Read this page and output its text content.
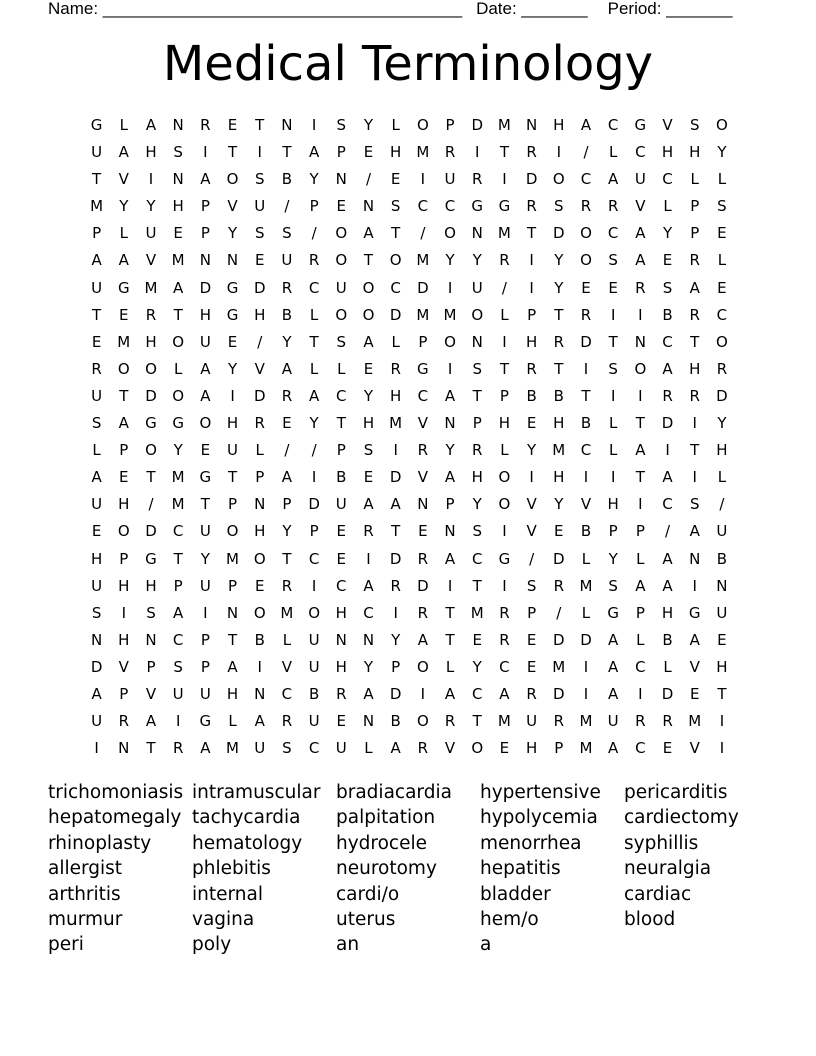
Name: ______________________________________ Date: _______ Period: _______
Medical Terminology
G	L	A	N	R	E	T	N	I	S	Y	L	O	P	D M	N	H	A	C	G	V	S	O
U	A	H	S	I	T	I	T	A	P	E	H	M	R	I	T	R	I	/	L	C	H	H	Y
T	V	I	N	A	O	S	B	Y	N	/	E	I	U	R	I	D	O	C	A	U	C	L	L
M	Y	Y	H	P	V	U	/	P	E	N	S	C	C	G	G	R	S	R	R	V	L	P	S
P	L	U	E	P	Y	S	S	/	O	A	T	/	O	N	M	T	D	O	C	A	Y	P	E
A	A	V	M	N	N	E	U	R	O	T	O M	Y	Y	R	I	Y	O	S	A	E	R	L
U	G M	A	D	G	D	R	C	U	O	C	D	I	U	/	I	Y	E	E	R	S	A	E
T	E	R	T	H	G	H	B	L	O	O	D M M O	L	P	T	R	I	I	B	R	C
E	M	H	O	U	E	/	Y	T	S	A	L	P	O	N	I	H	R	D	T	N	C	T	O
R	O	O	L	A	Y	V	A	L	L	E	R	G	I	S	T	R	T	I	S	O	A	H	R
U	T	D	O	A	I	D	R	A	C	Y	H	C	A	T	P	B	B	T	I	I	R	R	D
S	A	G	G	O	H	R	E	Y	T	H	M	V	N	P	H	E	H	B	L	T	D	I	Y
L	P	O	Y	E	U	L	/	/	P	S	I	R	Y	R	L	Y	M	C	L	A	I	T	H
A	E	T	M G	T	P	A	I	B	E	D	V	A	H	O	I	H	I	I	T	A	I	L
U	H	/	M	T	P	N	P	D	U	A	A	N	P	Y	O	V	Y	V	H	I	C	S	/
E	O	D	C	U	O	H	Y	P	E	R	T	E	N	S	I	V	E	B	P	P	/	A	U
H	P	G	T	Y	M O	T	C	E	I	D	R	A	C	G	/	D	L	Y	L	A	N	B
U	H	H	P	U	P	E	R	I	C	A	R	D	I	T	I	S	R	M	S	A	A	I	N
S	I	S	A	I	N	O M O	H	C	I	R	T	M	R	P	/	L	G	P	H	G	U
N	H	N	C	P	T	B	L	U	N	N	Y	A	T	E	R	E	D	D	A	L	B	A	E
D	V	P	S	P	A	I	V	U	H	Y	P	O	L	Y	C	E	M	I	A	C	L	V	H
A	P	V	U	U	H	N	C	B	R	A	D	I	A	C	A	R	D	I	A	I	D	E	T
U	R	A	I	G	L	A	R	U	E	N	B	O	R	T	M	U	R	M	U	R	R	M	I
I	N	T	R	A	M	U	S	C	U	L	A	R	V	O	E	H	P	M	A	C	E	V	I
trichomoniasis intramuscular bradiacardia	hypertensive	pericarditis
hepatomegaly tachycardia	palpitation	hypolycemia	cardiectomy
rhinoplasty	hematology	hydrocele	menorrhea	syphillis
allergist	phlebitis	neurotomy	hepatitis	neuralgia
arthritis	internal	cardi/o	bladder	cardiac
murmur	vagina	uterus	hem/o	blood
peri	poly	an	a
